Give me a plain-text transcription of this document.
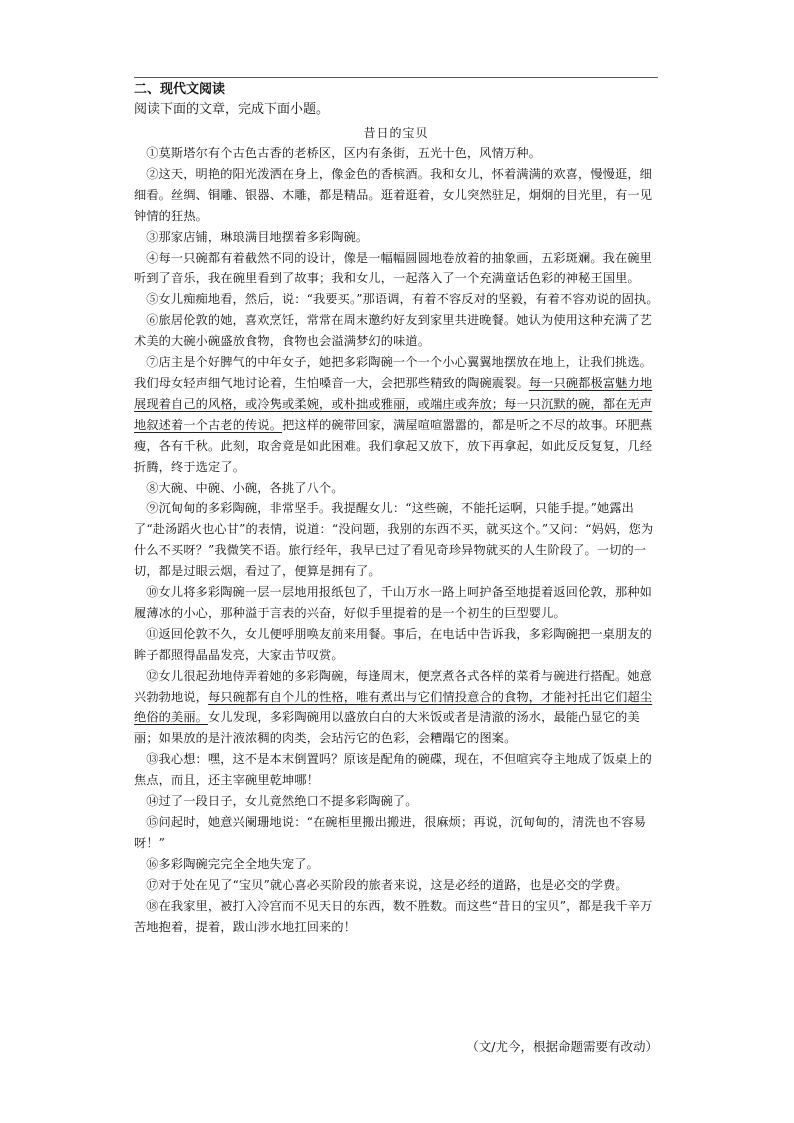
二、现代文阅读
阅读下面的文章，完成下面小题。
昔日的宝贝

①莫斯塔尔有个古色古香的老桥区，区内有条街，五光十色，风情万种。

②这天，明艳的阳光泼洒在身上，像金色的香槟酒。我和女儿，怀着满满的欢喜，慢慢逛，细细看。丝绸、铜雕、银器、木雕，都是精品。逛着逛着，女儿突然驻足，炯炯的目光里，有一见钟情的狂热。

③那家店铺，琳琅满目地摆着多彩陶碗。

④每一只碗都有着截然不同的设计，像是一幅幅圆圆地卷放着的抽象画，五彩斑斓。我在碗里听到了音乐，我在碗里看到了故事；我和女儿，一起落入了一个充满童话色彩的神秘王国里。

⑤女儿痴痴地看，然后，说：“我要买。”那语调，有着不容反对的坚毅，有着不容劝说的固执。

⑥旅居伦敦的她，喜欢烹饪，常常在周末邀约好友到家里共进晚餐。她认为使用这种充满了艺术美的大碗小碗盛放食物，食物也会溢满梦幻的味道。

⑦店主是个好脾气的中年女子，她把多彩陶碗一个一个小心翼翼地摆放在地上，让我们挑选。我们母女轻声细气地讨论着，生怕嗓音一大，会把那些精致的陶碗震裂。每一只碗都极富魅力地展现着自己的风格，或冷隽或柔婉，或朴拙或雅丽，或端庄或奔放；每一只沉默的碗，都在无声地叙述着一个古老的传说。把这样的碗带回家，满屋喧喧嚣嚣的，都是听之不尽的故事。环肥燕瘦，各有千秋。此刻，取舍竟是如此困难。我们拿起又放下，放下再拿起，如此反反复复，几经折腾，终于选定了。

⑧大碗、中碗、小碗，各挑了八个。

⑨沉甸甸的多彩陶碗，非常坚手。我提醒女儿：“这些碗，不能托运啊，只能手提。”她露出了“赴汤蹈火也心甘”的表情，说道：“没问题，我别的东西不买，就买这个。”又问：“妈妈，您为什么不买呀？”我微笑不语。旅行经年，我早已过了看见奇珍异物就买的人生阶段了。一切的一切，都是过眼云烟，看过了，便算是拥有了。

⑩女儿将多彩陶碗一层一层地用报纸包了，千山万水一路上呵护备至地提着返回伦敦，那种如履薄冰的小心，那种溢于言表的兴奋，好似手里提着的是一个初生的巨型婴儿。

⑪返回伦敦不久，女儿便呼朋唤友前来用餐。事后，在电话中告诉我，多彩陶碗把一桌朋友的眸子都照得晶晶发亮，大家击节叹赏。

⑫女儿很起劲地侍弄着她的多彩陶碗，每逢周末，便烹煮各式各样的菜肴与碗进行搭配。她意兴勃勃地说，每只碗都有自个儿的性格，唯有煮出与它们情投意合的食物，才能衬托出它们超尘绝俗的美丽。女儿发现，多彩陶碗用以盛放白白的大米饭或者是清澈的汤水，最能凸显它的美丽；如果放的是汁液浓稠的肉类，会玷污它的色彩，会糟蹋它的图案。

⑬我心想：嘿，这不是本末倒置吗？原该是配角的碗碟，现在，不但喧宾夺主地成了饭桌上的焦点，而且，还主宰碗里乾坤哪！

⑭过了一段日子，女儿竟然绝口不提多彩陶碗了。

⑮问起时，她意兴阑珊地说：“在碗柜里搬出搬进，很麻烦；再说，沉甸甸的，清洗也不容易呀！”

⑯多彩陶碗完完全全地失宠了。

⑰对于处在见了“宝贝”就心喜必买阶段的旅者来说，这是必经的道路，也是必交的学费。

⑱在我家里，被打入冷宫而不见天日的东西，数不胜数。而这些“昔日的宝贝”，都是我千辛万苦地抱着，提着，跋山涉水地扛回来的！

（文/尤今，根据命题需要有改动）
